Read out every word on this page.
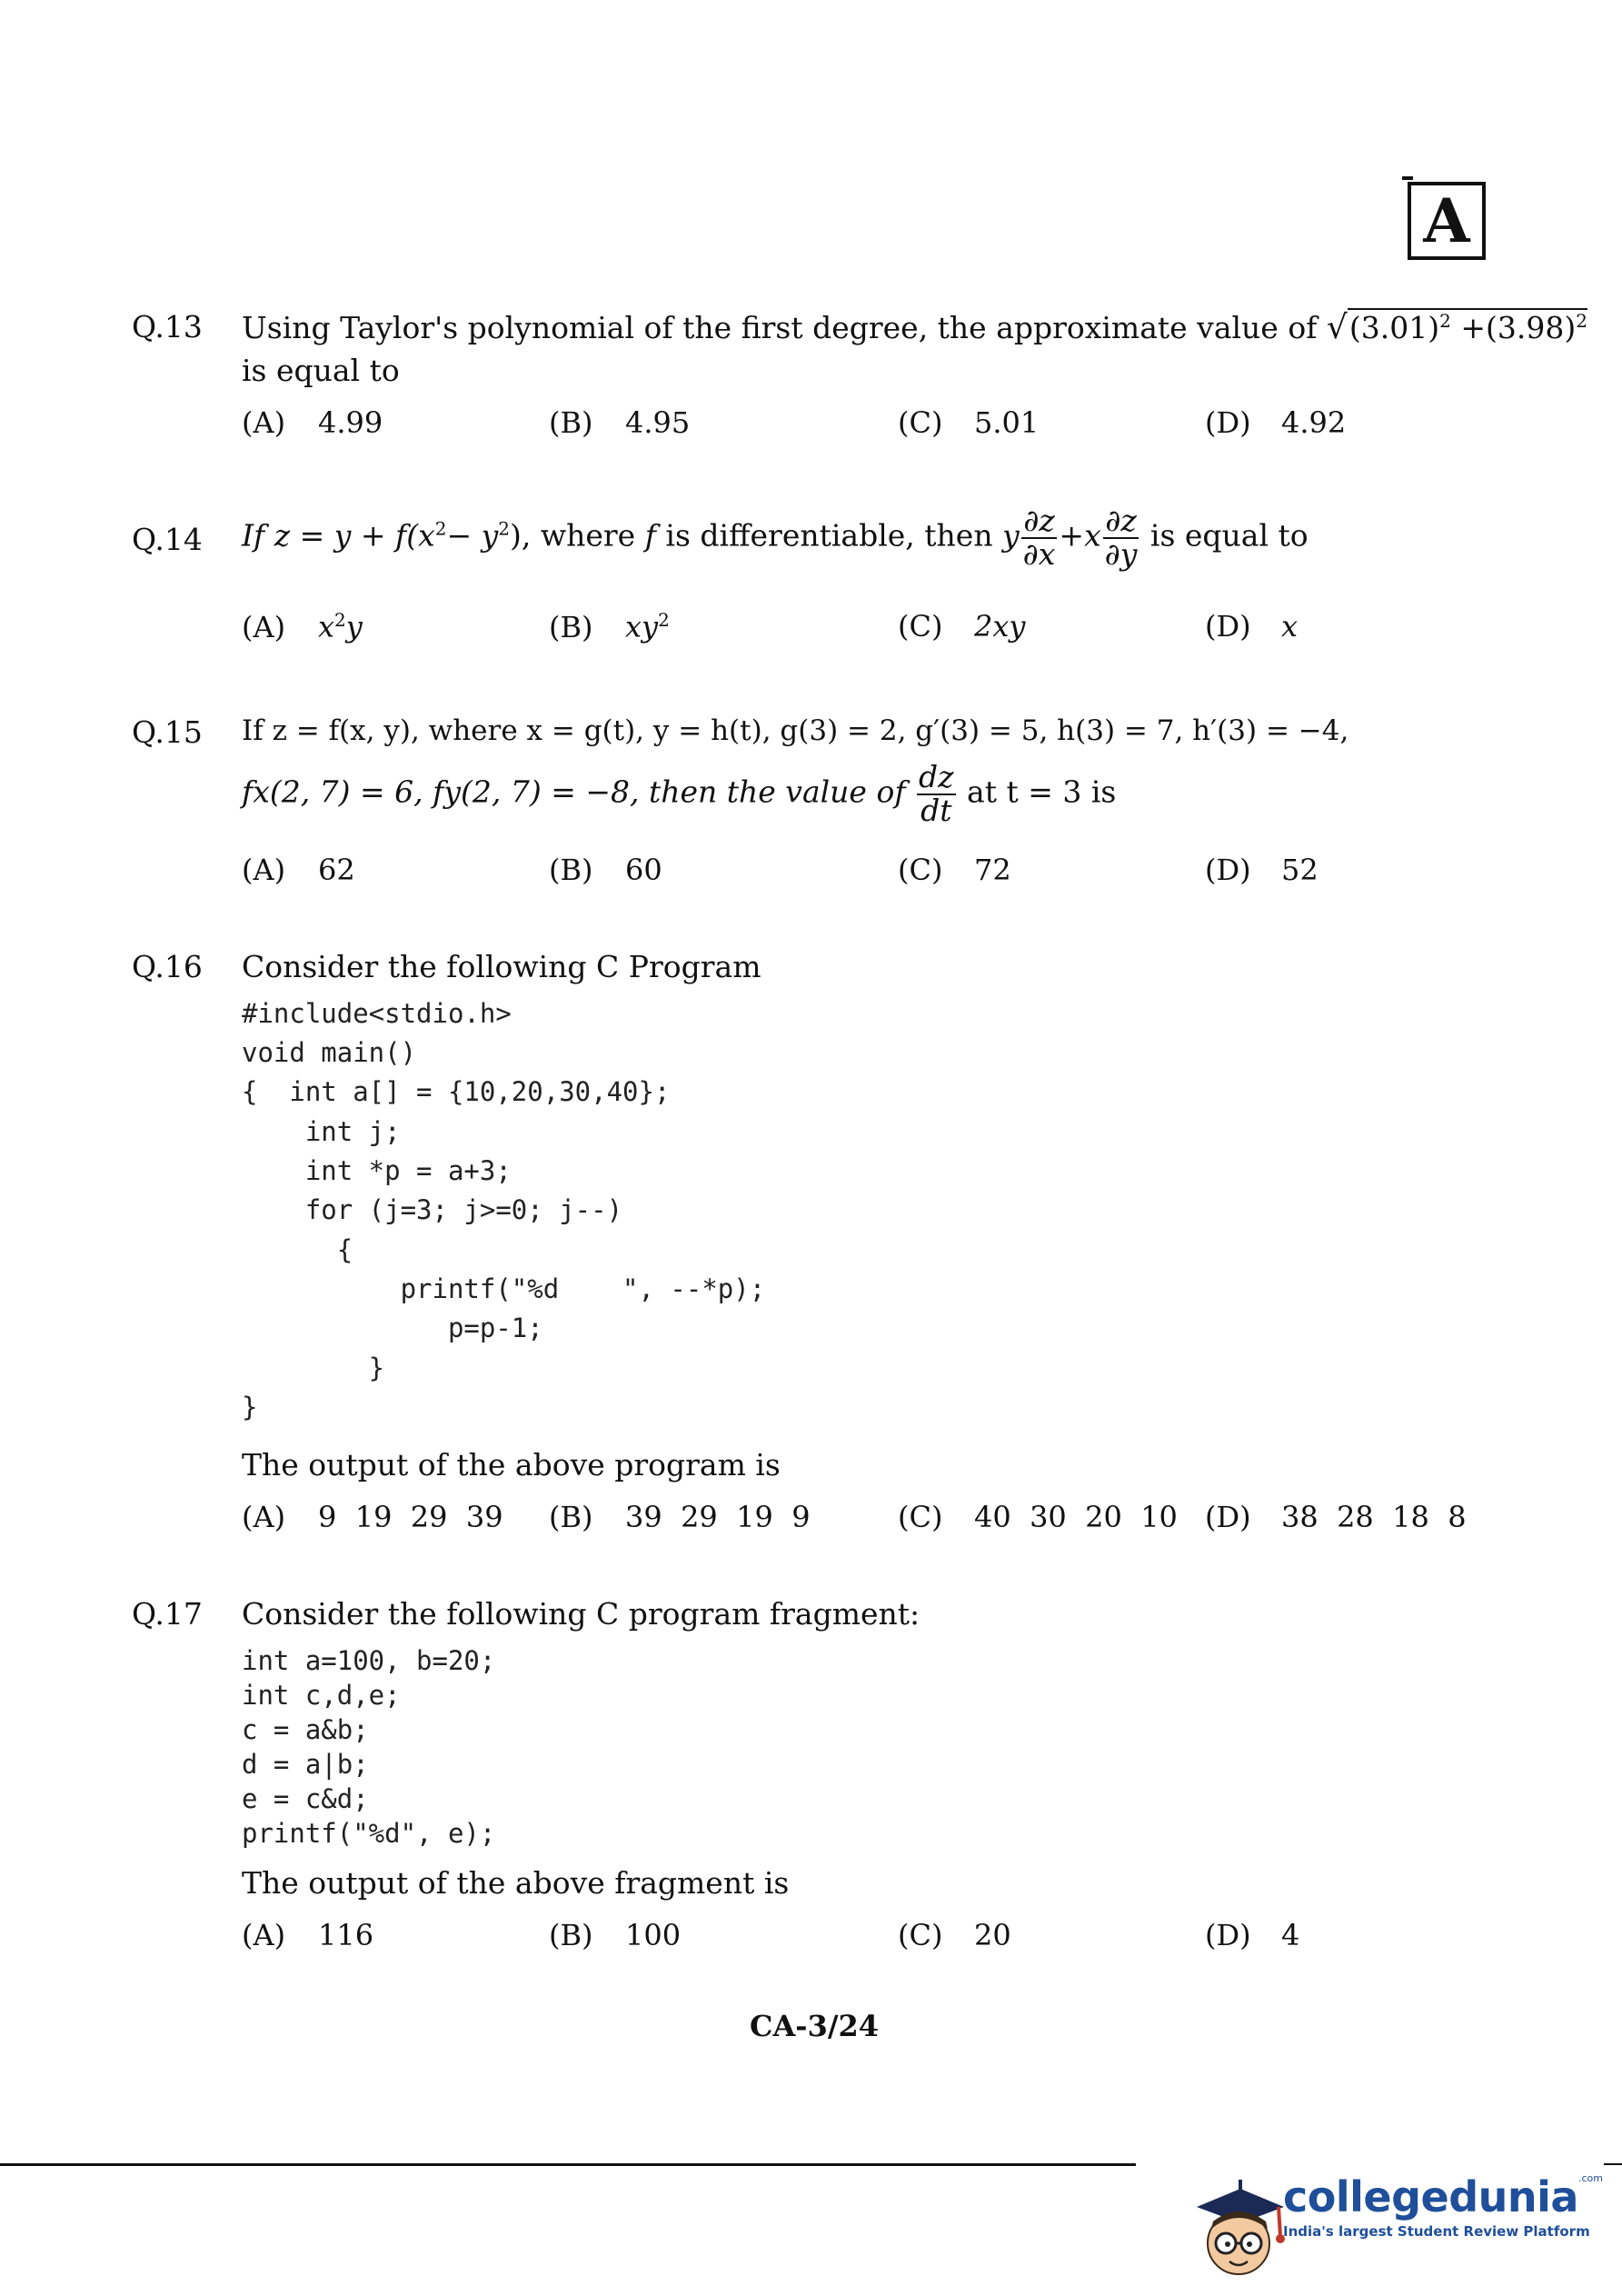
A
Q.13 Using Taylor's polynomial of the first degree, the approximate value of $√(3.01)^2 +(3.98)^2$
is equal to
(A) 4.99	(B) 4.95	(C) 5.01	(D) 4.92
Q.14 If $z = y + f(x^2- y^2)$, where f is differentiable, then y $\frac{\partial z}{\partial x} +x \frac{\partial z}{\partial y}$ is equal to
(A) $x^2y$	(B) $xy^2$	(C) 2xy	(D) x
Q.15 If z = f(x, y), where x = g(t), y = h(t), g(3) = 2, g′(3) = 5, h(3) = 7, h′(3) = −4,
fx(2, 7) = 6, fy(2, 7) = −8, then the value of $\frac{dz}{dt}$ at t = 3 is
(A) 62	(B) 60	(C) 72	(D) 52
Q.16 Consider the following C Program
#include<stdio.h>
void main()
{  int a[] = {10,20,30,40};
int j;
int *p = a+3;
for (j=3; j>=0; j--)
{
printf("%d    ", --*p);
p=p-1;
}
}
The output of the above program is
(A) 9  19  29  39 (B) 39  29  19  9	(C) 40  30  20  10 (D) 38  28  18  8
Q.17 Consider the following C program fragment:
int a=100, b=20;
int c,d,e;
c = a&b;
d = a|b;
e = c&d;
printf("%d", e);
The output of the above fragment is
(A) 116	(B) 100	(C) 20	(D) 4
CA-3/24
collegedunia$^{.com}$
India's largest Student Review Platform
